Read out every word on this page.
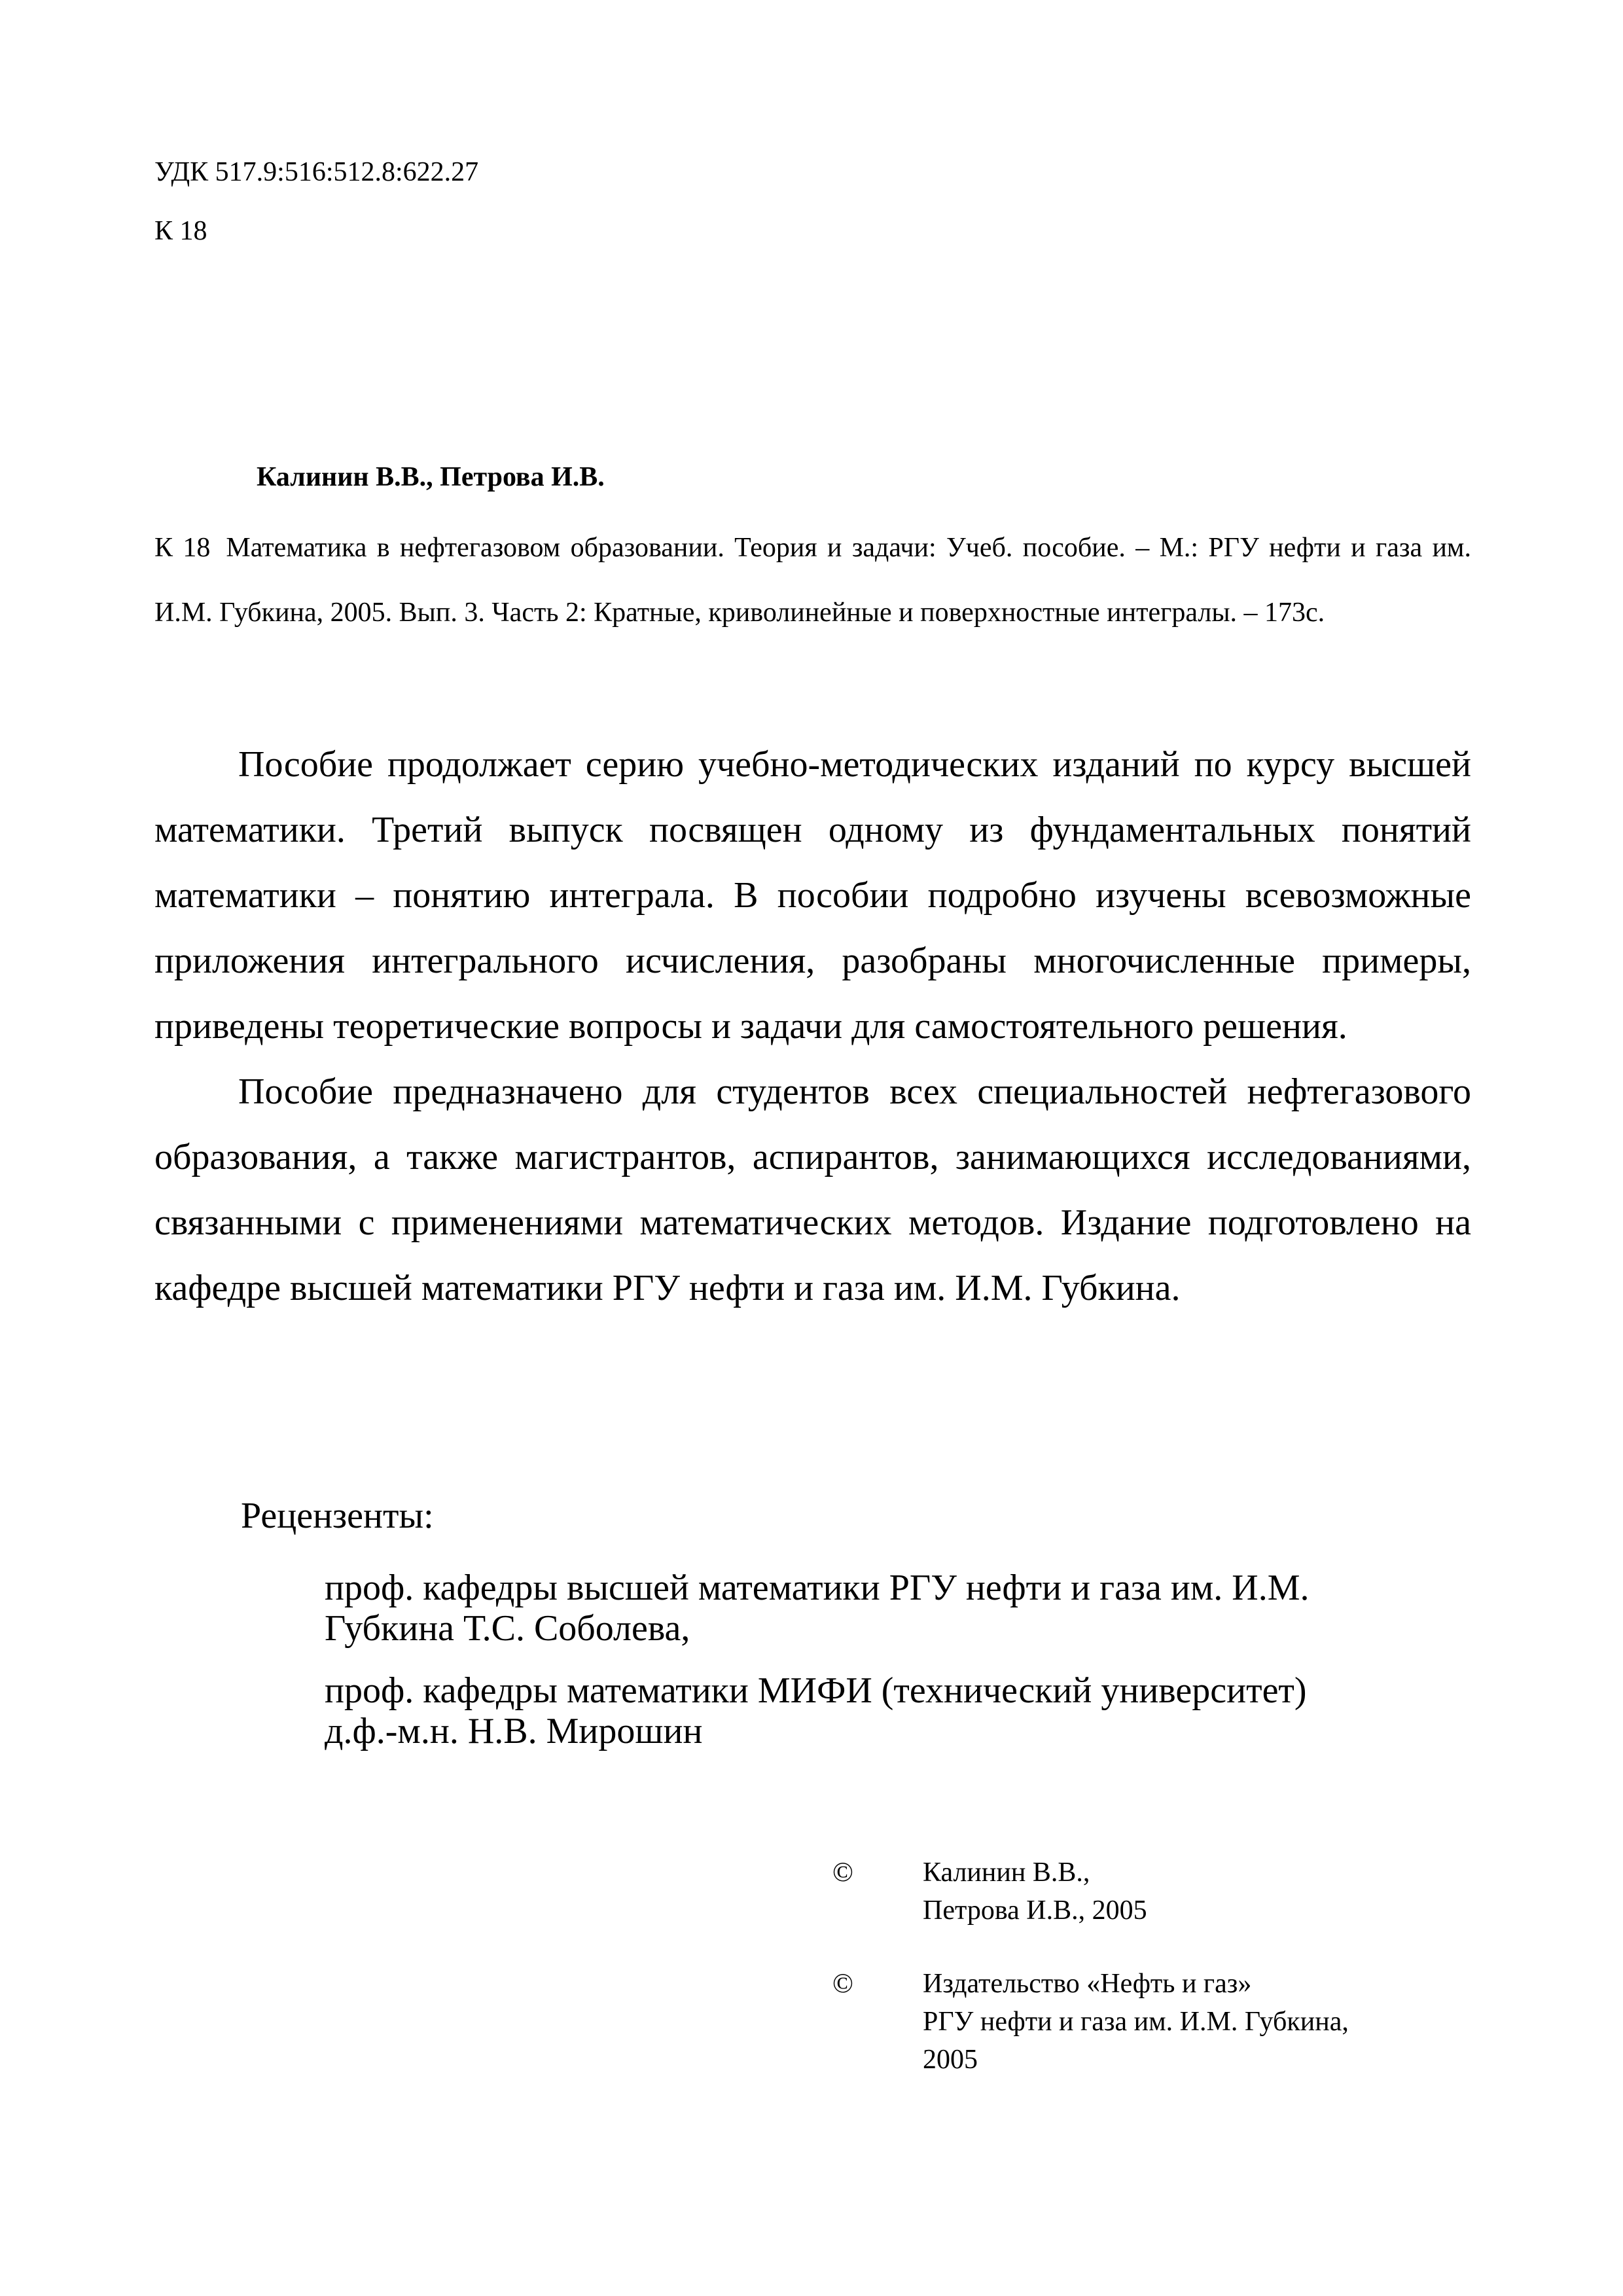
УДК 517.9:516:512.8:622.27
К 18
Калинин В.В., Петрова И.В.
К 18 Математика в нефтегазовом образовании. Теория и задачи: Учеб. пособие. – М.: РГУ нефти и газа им. И.М. Губкина, 2005. Вып. 3. Часть 2: Кратные, криволинейные и поверхностные интегралы. – 173с.

Пособие продолжает серию учебно-методических изданий по курсу высшей математики. Третий выпуск посвящен одному из фундаментальных понятий математики – понятию интеграла. В пособии подробно изучены всевозможные приложения интегрального исчисления, разобраны многочисленные примеры, приведены теоретические вопросы и задачи для самостоятельного решения.

Пособие предназначено для студентов всех специальностей нефтегазового образования, а также магистрантов, аспирантов, занимающихся исследованиями, связанными с применениями математических методов. Издание подготовлено на кафедре высшей математики РГУ нефти и газа им. И.М. Губкина.

Рецензенты:
проф. кафедры высшей математики РГУ нефти и газа им. И.М.
Губкина Т.С. Соболева,
проф. кафедры математики МИФИ (технический университет)
д.ф.-м.н. Н.В. Мирошин
©	Калинин В.В.,
Петрова И.В., 2005
©	Издательство «Нефть и газ»
РГУ нефти и газа им. И.М. Губкина,
2005
